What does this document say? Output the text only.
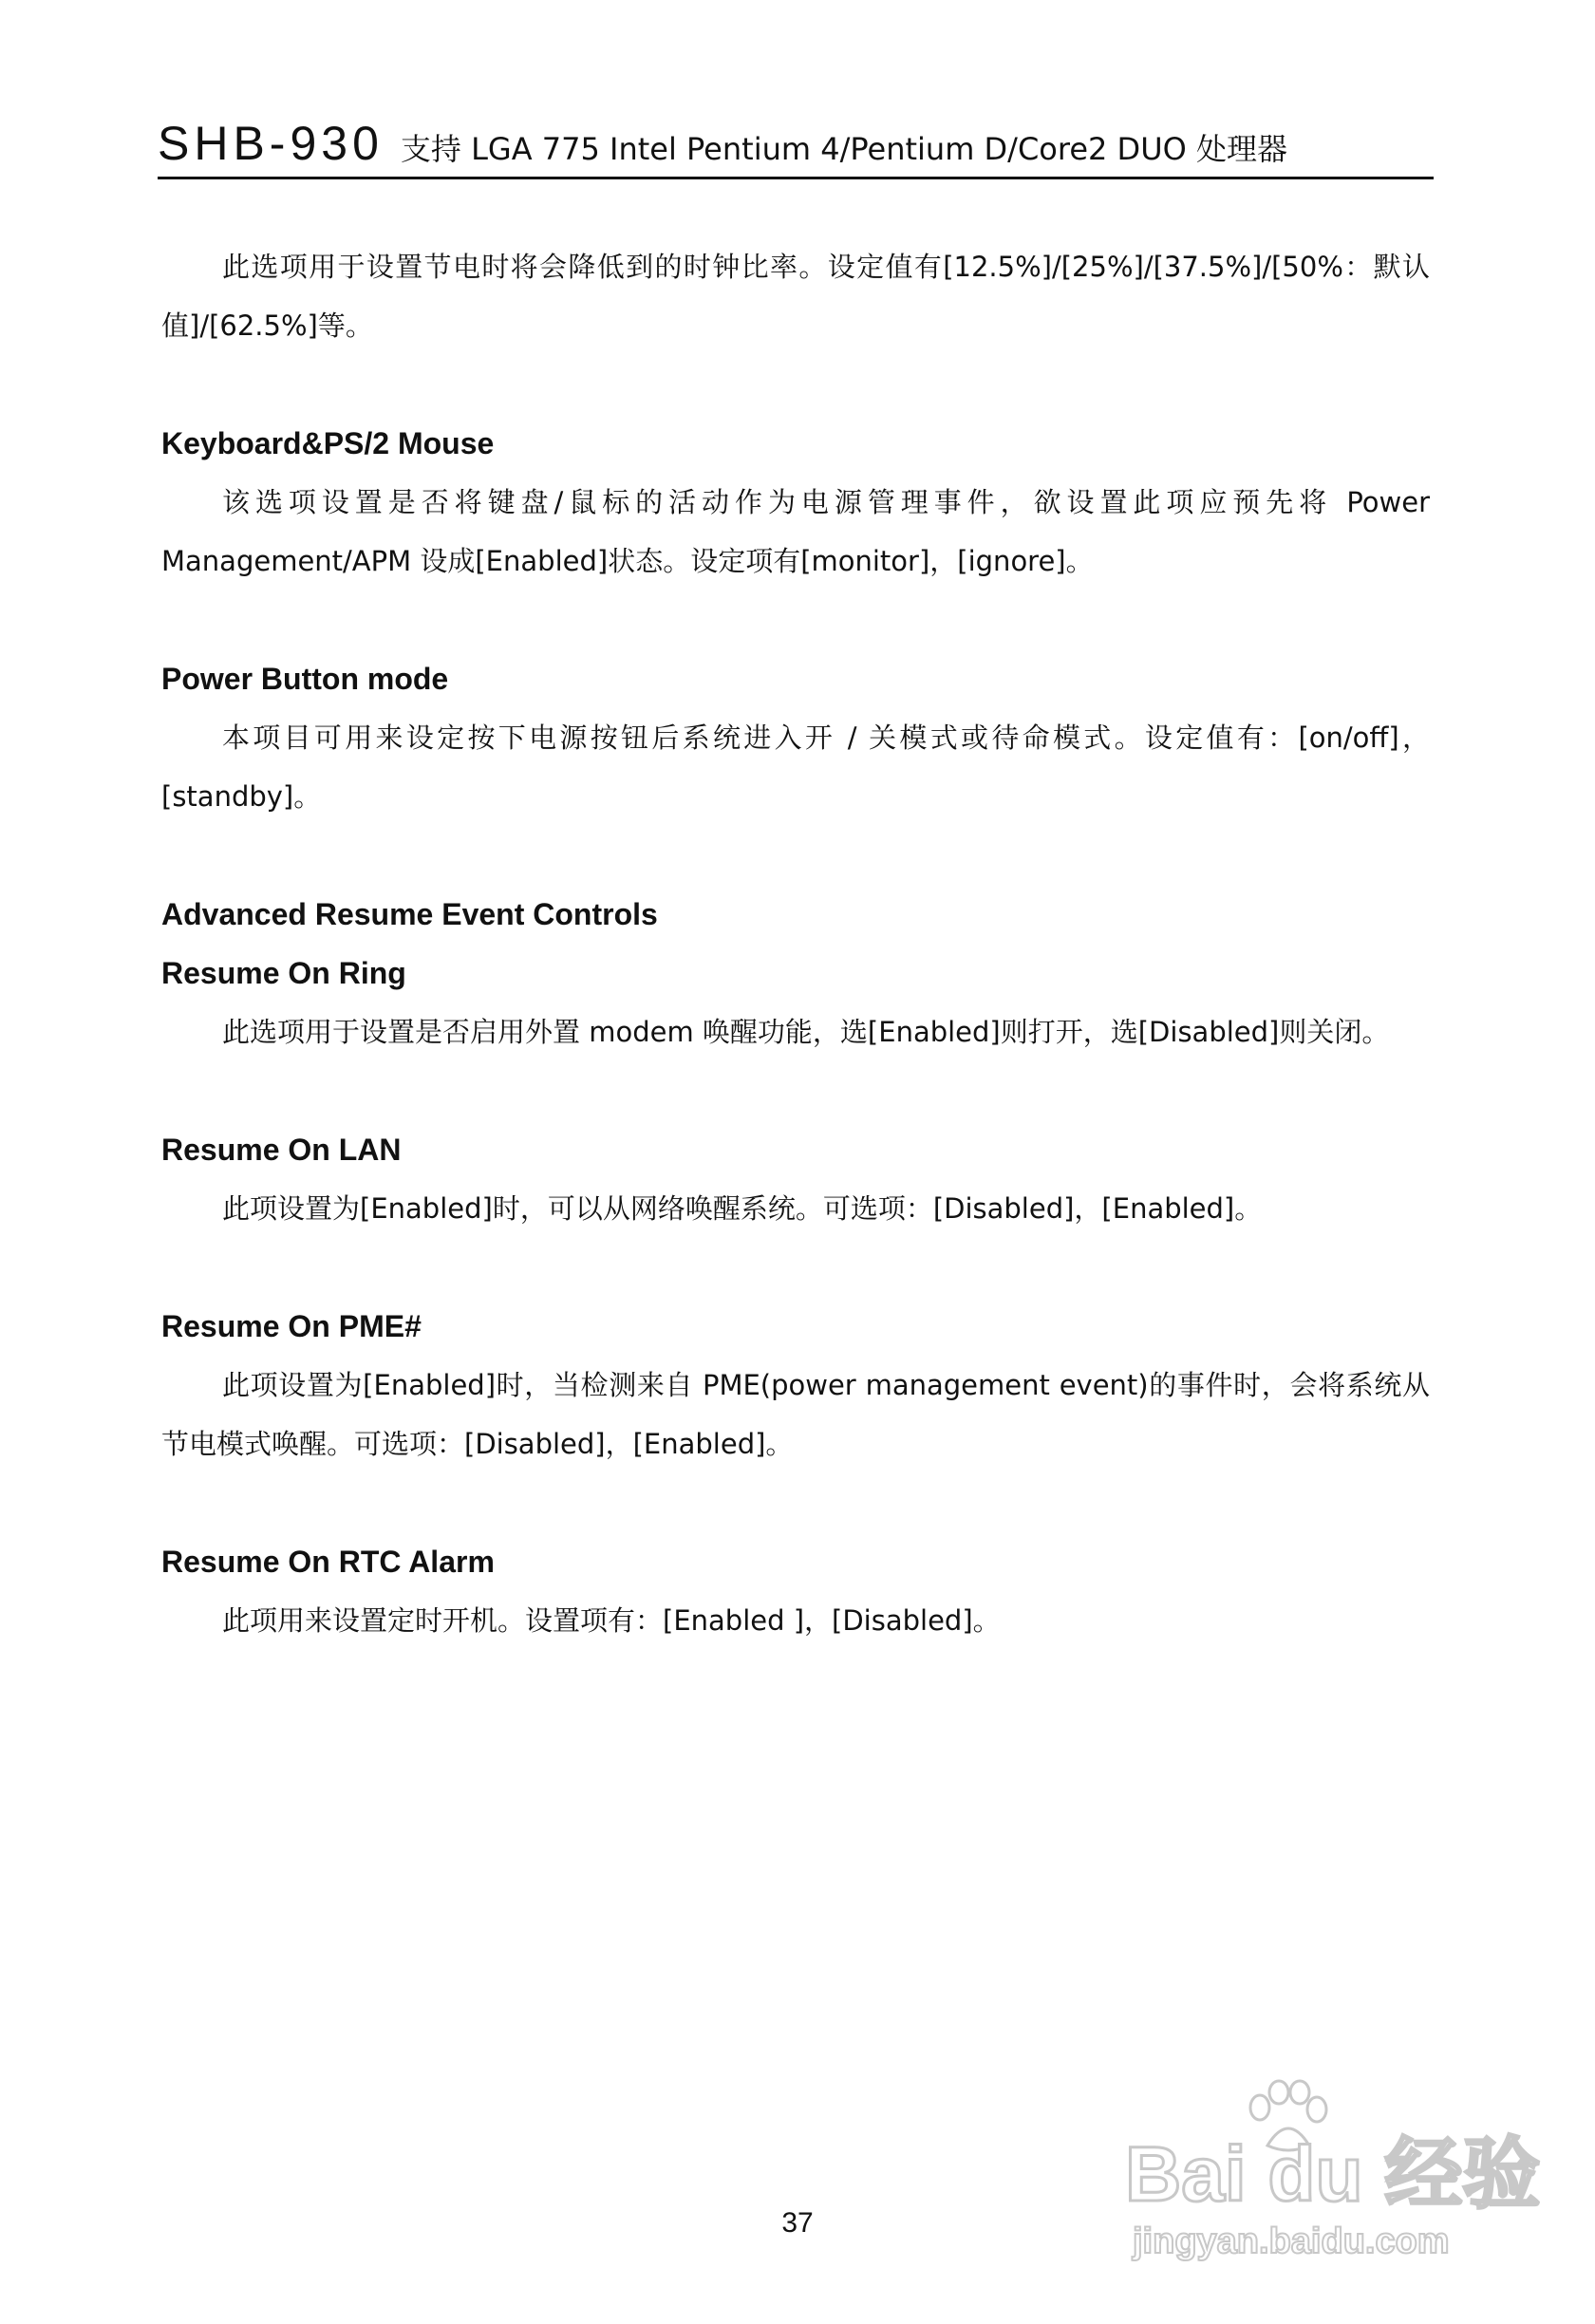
SHB-930 支持 LGA 775 Intel Pentium 4/Pentium D/Core2 DUO 处理器

此选项用于设置节电时将会降低到的时钟比率。设定值有[12.5%]/[25%]/[37.5%]/[50%：默认值]/[62.5%]等。

Keyboard&PS/2 Mouse

该选项设置是否将键盘/鼠标的活动作为电源管理事件，欲设置此项应预先将 Power Management/APM 设成[Enabled]状态。设定项有[monitor]，[ignore]。

Power Button mode

本项目可用来设定按下电源按钮后系统进入开 / 关模式或待命模式。设定值有：[on/off]，[standby]。

Advanced Resume Event Controls
Resume On Ring

此选项用于设置是否启用外置 modem 唤醒功能，选[Enabled]则打开，选[Disabled]则关闭。

Resume On LAN

此项设置为[Enabled]时，可以从网络唤醒系统。可选项：[Disabled]，[Enabled]。

Resume On PME#

此项设置为[Enabled]时，当检测来自 PME(power management event)的事件时，会将系统从节电模式唤醒。可选项：[Disabled]，[Enabled]。

Resume On RTC Alarm

此项用来设置定时开机。设置项有：[Enabled ]，[Disabled]。

37
Bai du 经验
jingyan.baidu.com
